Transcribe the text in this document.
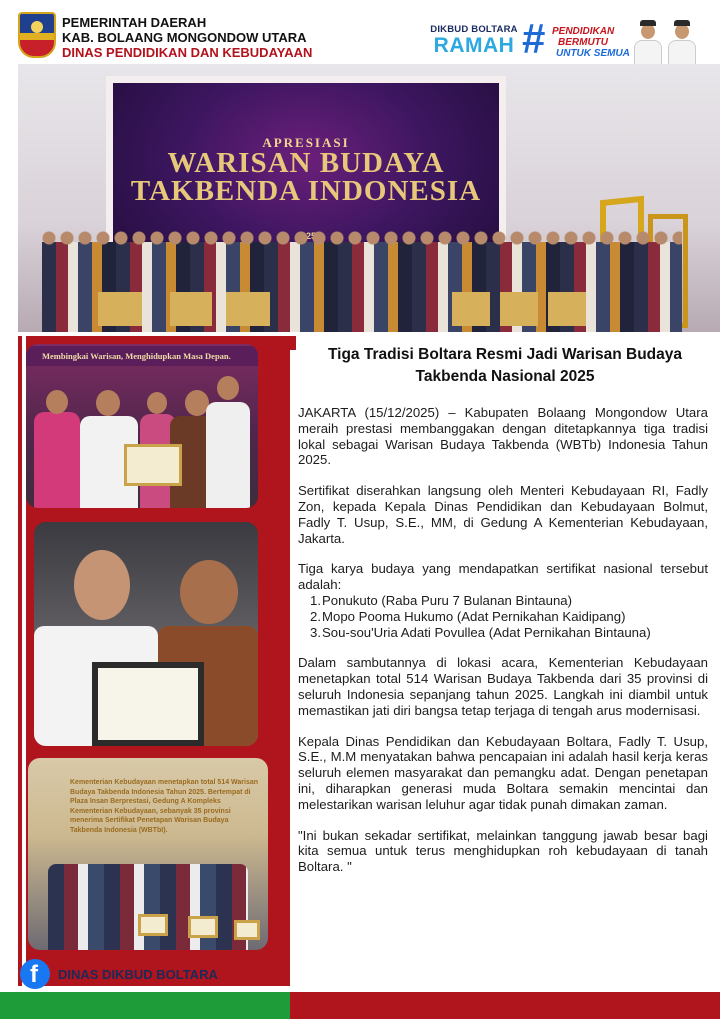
PEMERINTAH DAERAH
KAB. BOLAANG MONGONDOW UTARA
DINAS PENDIDIKAN DAN KEBUDAYAAN
DIKBUD BOLTARA
RAMAH # PENDIDIKAN
BERMUTU
UNTUK SEMUA
APRESIASI
WARISAN BUDAYA TAKBENDA INDONESIA
Membingkai Warisan, Menghidupkan Masa Depan.
Kementerian Kebudayaan menetapkan total 514 Warisan Budaya Takbenda Indonesia Tahun 2025. Bertempat di Plaza Insan Berprestasi, Gedung A Kompleks Kementerian Kebudayaan, sebanyak 35 provinsi menerima Sertifikat Penetapan Warisan Budaya Takbenda Indonesia (WBTbI).
Tiga Tradisi Boltara Resmi Jadi Warisan Budaya Takbenda Nasional 2025

JAKARTA (15/12/2025) – Kabupaten Bolaang Mongondow Utara meraih prestasi membanggakan dengan ditetapkannya tiga tradisi lokal sebagai Warisan Budaya Takbenda (WBTb) Indonesia Tahun 2025.

Sertifikat diserahkan langsung oleh Menteri Kebudayaan RI, Fadly Zon, kepada Kepala Dinas Pendidikan dan Kebudayaan Bolmut, Fadly T. Usup, S.E., MM, di Gedung A Kementerian Kebudayaan, Jakarta.

Tiga karya budaya yang mendapatkan sertifikat nasional tersebut adalah:

1. Ponukuto (Raba Puru 7 Bulanan Bintauna)
2. Mopo Pooma Hukumo (Adat Pernikahan Kaidipang)
3. Sou-sou'Uria Adati Povullea (Adat Pernikahan Bintauna)

Dalam sambutannya di lokasi acara, Kementerian Kebudayaan menetapkan total 514 Warisan Budaya Takbenda dari 35 provinsi di seluruh Indonesia sepanjang tahun 2025. Langkah ini diambil untuk memastikan jati diri bangsa tetap terjaga di tengah arus modernisasi.

Kepala Dinas Pendidikan dan Kebudayaan Boltara, Fadly T. Usup, S.E., M.M menyatakan bahwa pencapaian ini adalah hasil kerja keras seluruh elemen masyarakat dan pemangku adat. Dengan penetapan ini, diharapkan generasi muda Boltara semakin mencintai dan melestarikan warisan leluhur agar tidak punah dimakan zaman.

"Ini bukan sekadar sertifikat, melainkan tanggung jawab besar bagi kita semua untuk terus menghidupkan roh kebudayaan di tanah Boltara. "

f
DINAS DIKBUD BOLTARA
